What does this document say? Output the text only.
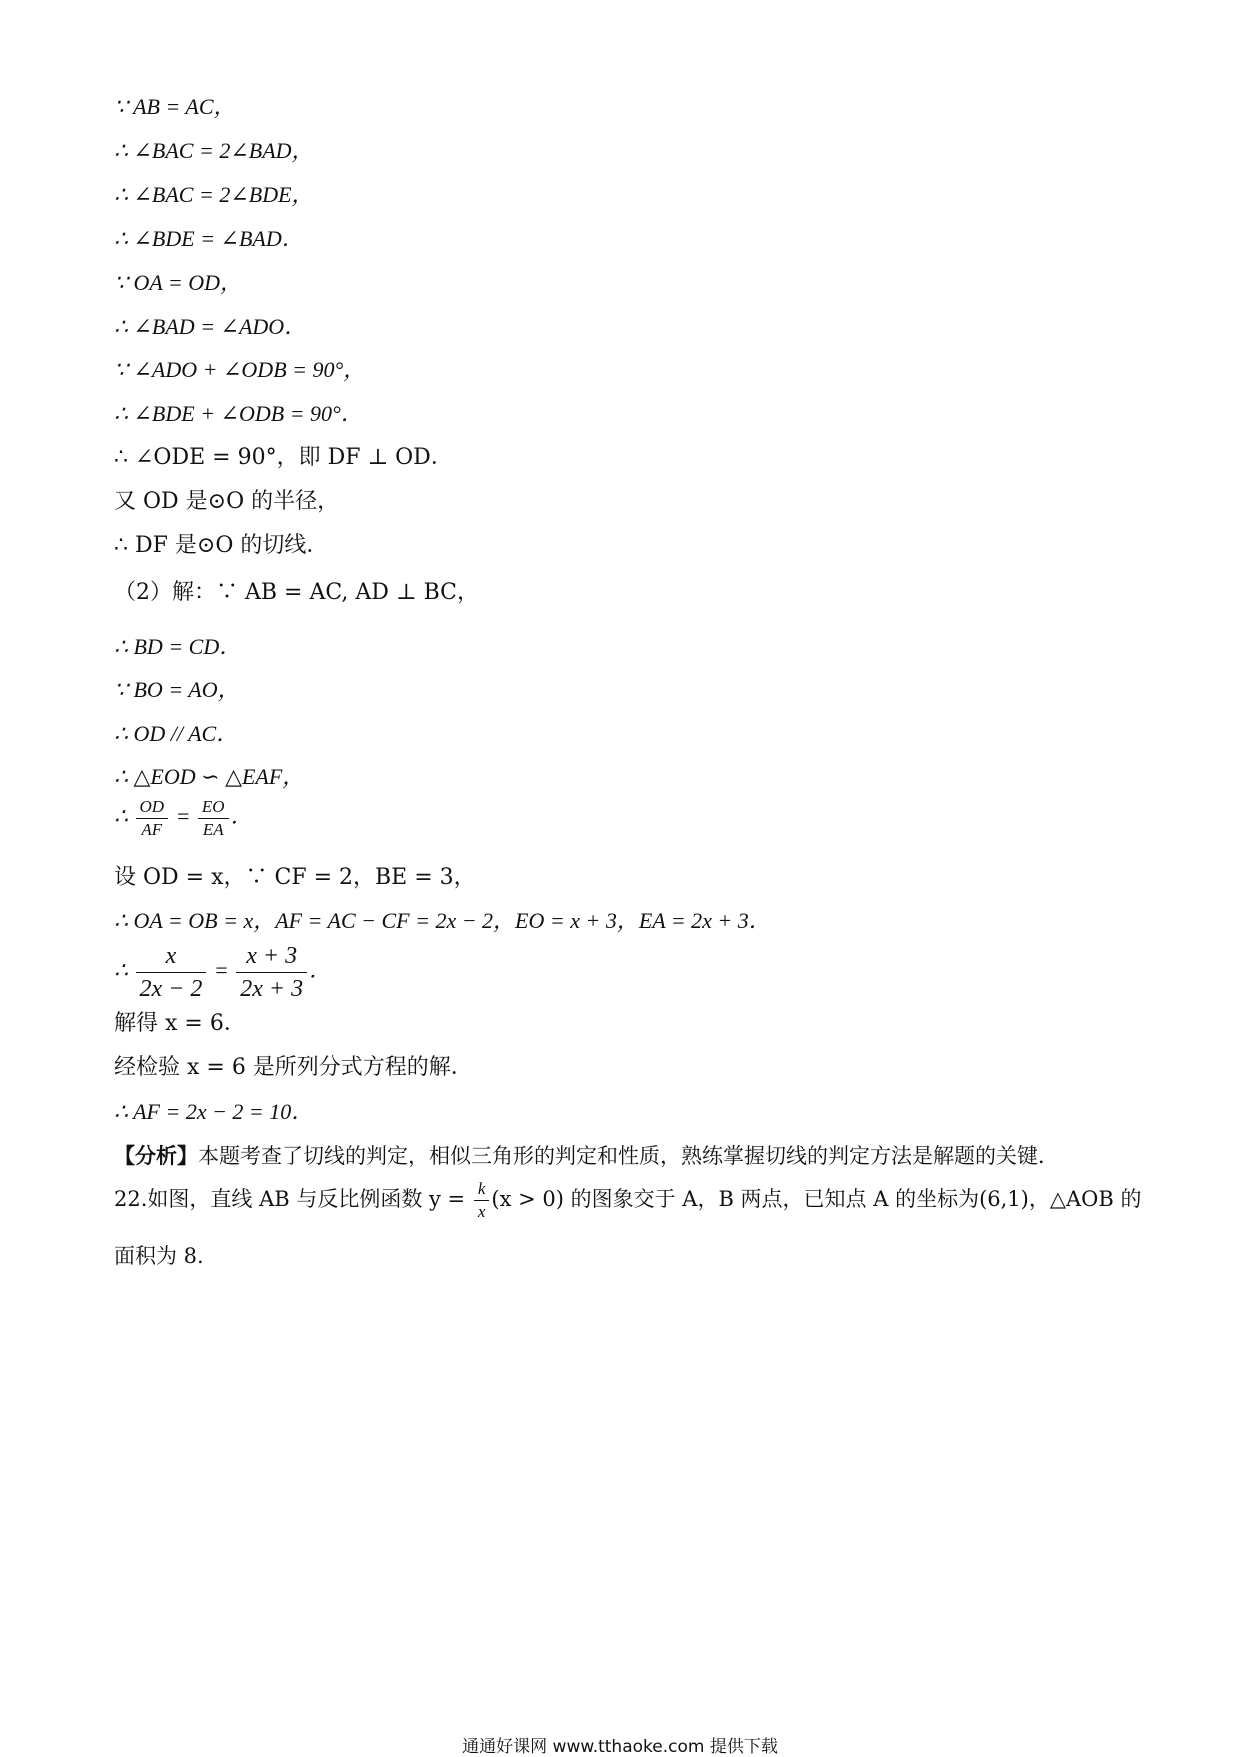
∵ AB = AC，
∴ ∠BAC = 2∠BAD，
∴ ∠BAC = 2∠BDE，
∴ ∠BDE = ∠BAD．
∵ OA = OD，
∴ ∠BAD = ∠ADO．
∵ ∠ADO + ∠ODB = 90°，
∴ ∠BDE + ∠ODB = 90°．
∴ ∠ODE = 90°，即 DF ⊥ OD．
又 OD 是⊙O 的半径，
∴ DF 是⊙O 的切线．
（2）解：∵ AB = AC, AD ⊥ BC，
∴ BD = CD．
∵ BO = AO，
∴ OD // AC．
∴ △EOD ∽ △EAF，
∴ $\frac{OD}{AF} = \frac{EO}{EA}$ ．
设 OD = x，∵ CF = 2，BE = 3，
∴ OA = OB = x，AF = AC − CF = 2x − 2，EO = x + 3，EA = 2x + 3．
∴ $\frac{x}{2x - 2} = \frac{x + 3}{2x + 3}$ ．
解得 x = 6．
经检验 x = 6 是所列分式方程的解．
∴ AF = 2x − 2 = 10．
【分析】本题考查了切线的判定，相似三角形的判定和性质，熟练掌握切线的判定方法是解题的关键．
22.如图，直线 AB 与反比例函数 $y = \frac{k}{x} (x > 0)$ 的图象交于 A，B 两点，已知点 A 的坐标为(6,1)，△AOB 的
面积为 8.
通通好课网 www.tthaoke.com 提供下载
